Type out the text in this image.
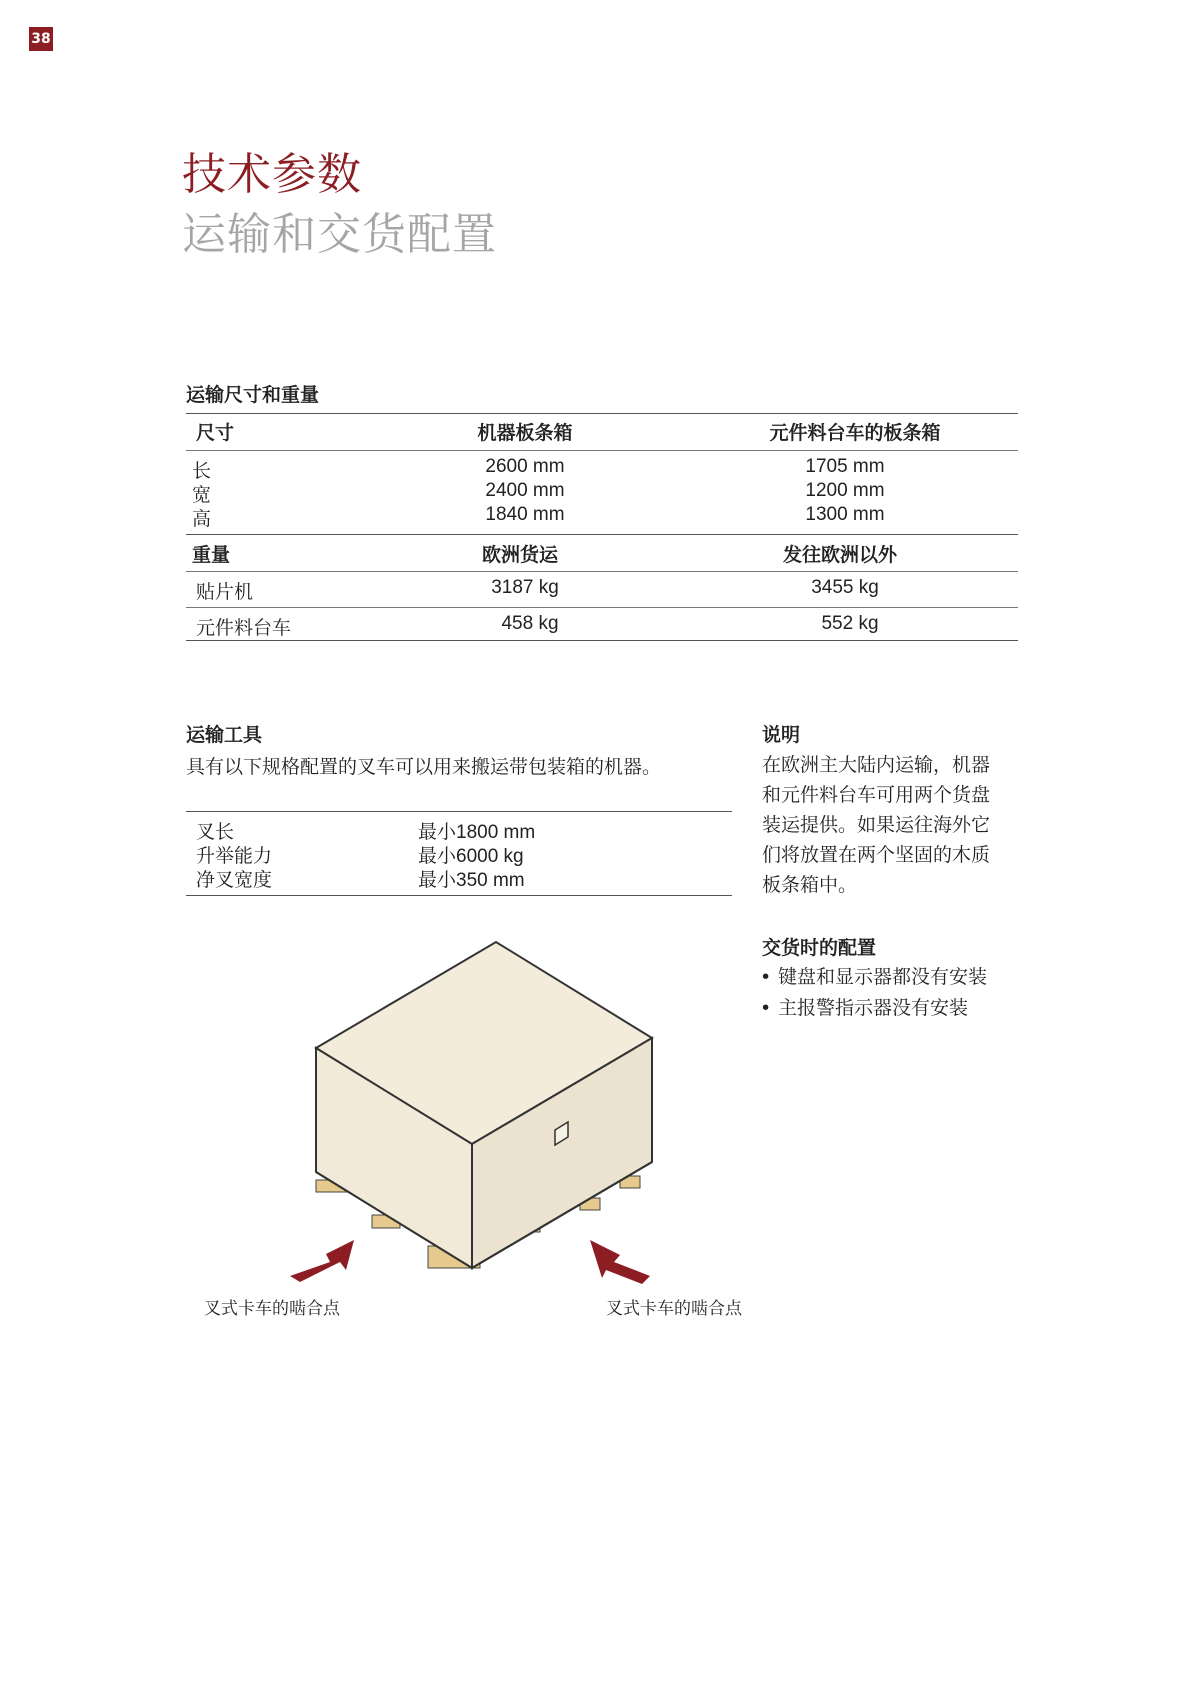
38
技术参数
运输和交货配置
运输尺寸和重量
尺寸	机器板条箱	元件料台车的板条箱
长	2600 mm	1705 mm
宽	2400 mm	1200 mm
高	1840 mm	1300 mm
重量	欧洲货运	发往欧洲以外
贴片机	3187 kg	3455 kg
元件料台车	458 kg	552 kg
运输工具
具有以下规格配置的叉车可以用来搬运带包装箱的机器。
叉长	最小1800 mm
升举能力	最小6000 kg
净叉宽度	最小350 mm
说明
在欧洲主大陆内运输，机器
和元件料台车可用两个货盘
装运提供。如果运往海外它
们将放置在两个坚固的木质
板条箱中。
交货时的配置
• 键盘和显示器都没有安装
• 主报警指示器没有安装
叉式卡车的啮合点	叉式卡车的啮合点
